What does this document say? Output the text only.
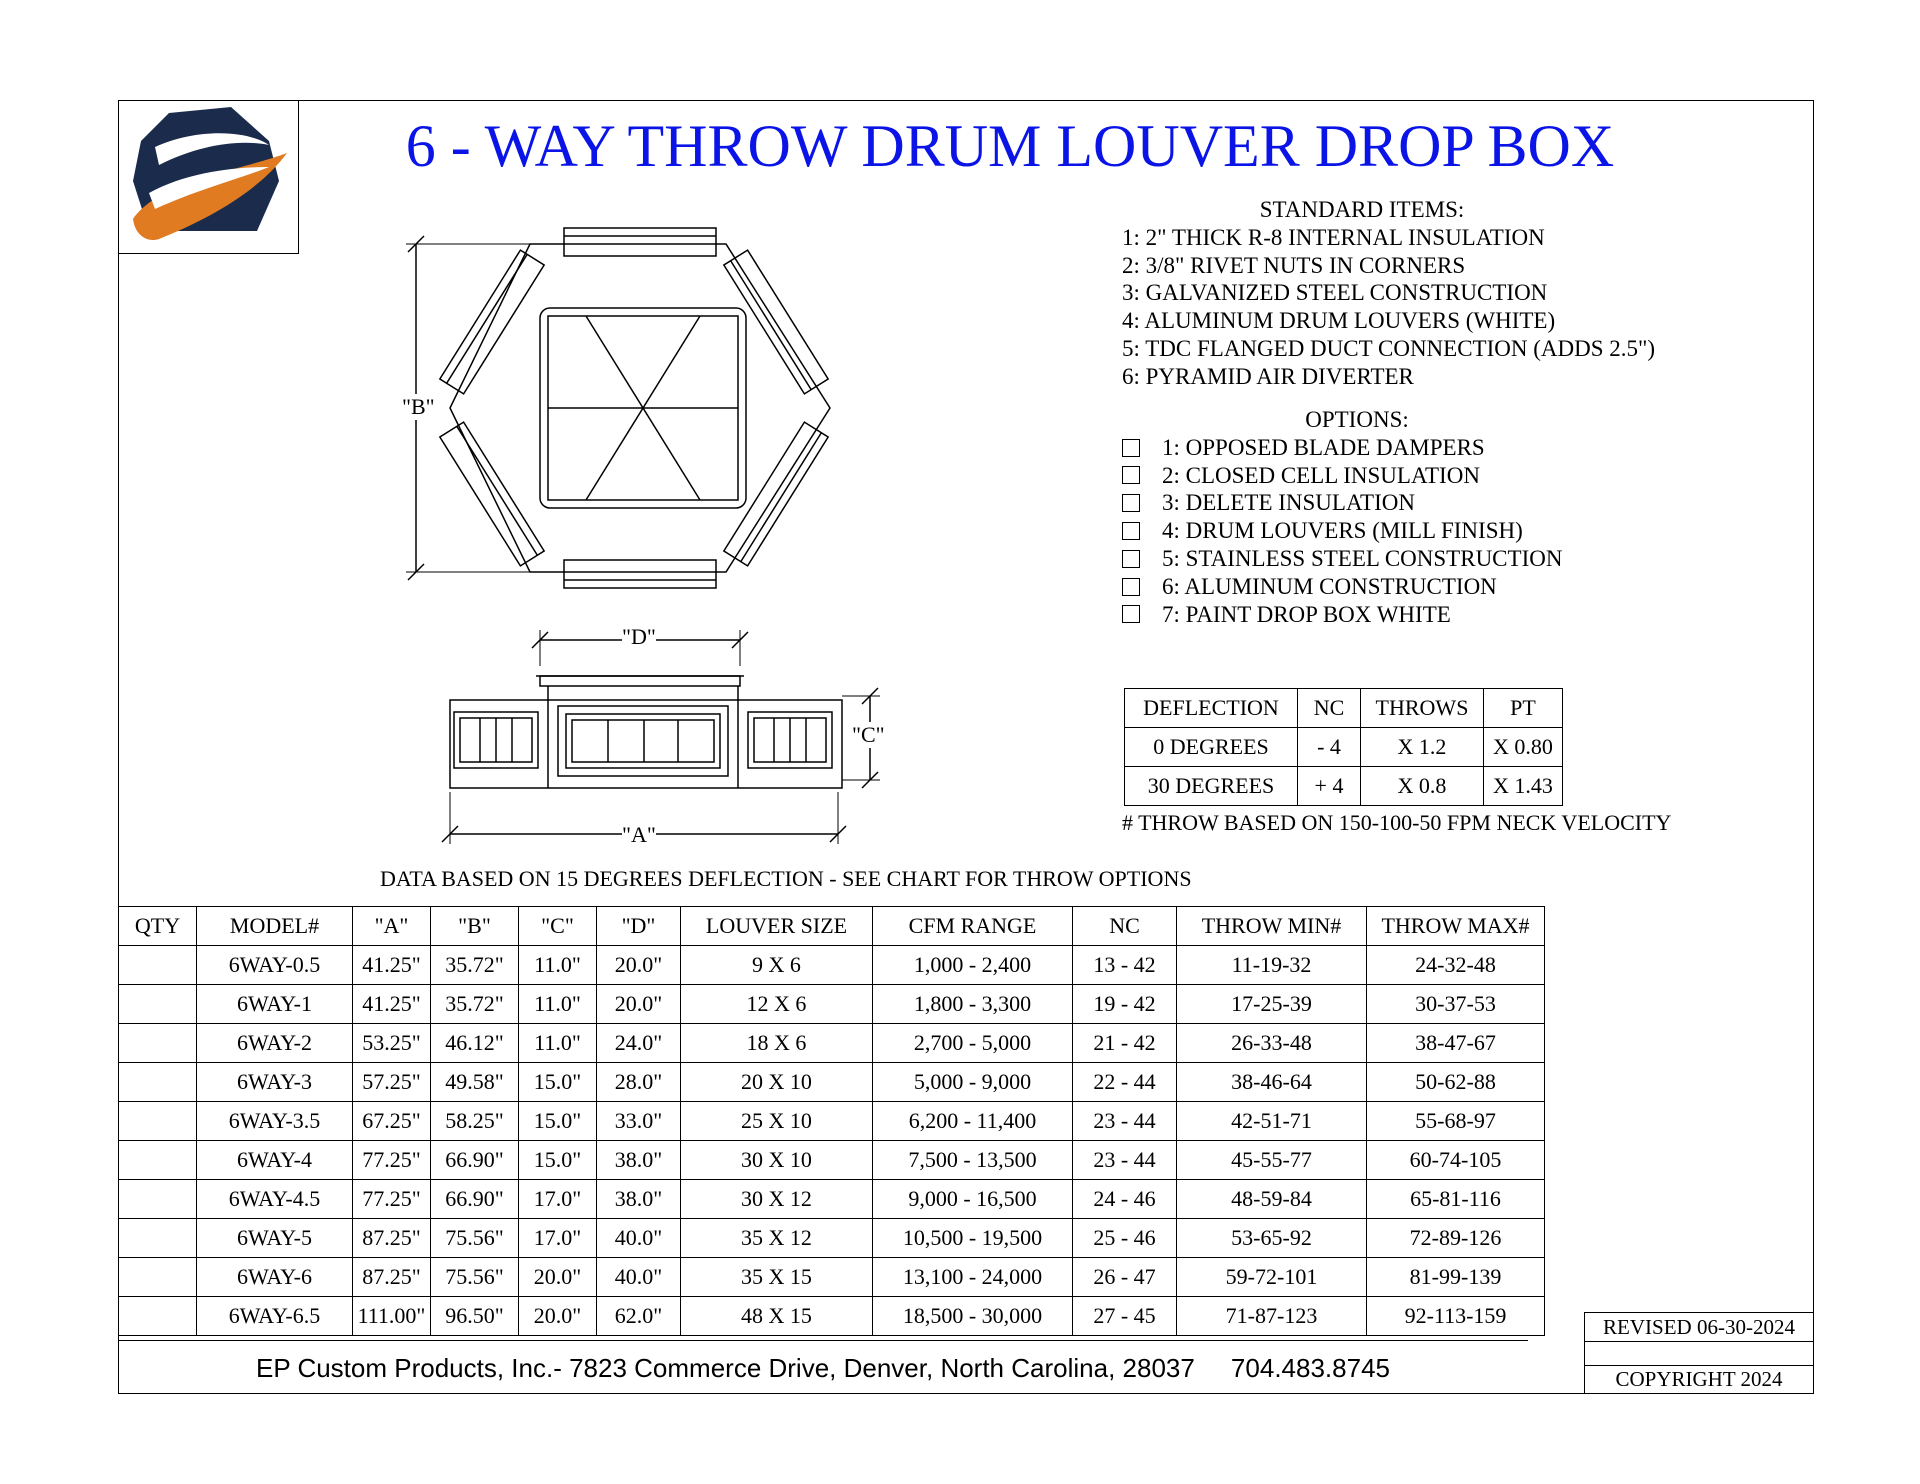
6 - WAY THROW DRUM LOUVER DROP BOX
"B"
"D"
"C"
"A"
STANDARD ITEMS:
1: 2" THICK R-8 INTERNAL INSULATION
2: 3/8" RIVET NUTS IN CORNERS
3: GALVANIZED STEEL CONSTRUCTION
4: ALUMINUM DRUM LOUVERS (WHITE)
5: TDC FLANGED DUCT CONNECTION (ADDS 2.5")
6: PYRAMID AIR DIVERTER
OPTIONS:
1: OPPOSED BLADE DAMPERS
2: CLOSED CELL INSULATION
3: DELETE INSULATION
4: DRUM LOUVERS (MILL FINISH)
5: STAINLESS STEEL CONSTRUCTION
6: ALUMINUM CONSTRUCTION
7: PAINT DROP BOX WHITE
DEFLECTION	NC	THROWS	PT
0 DEGREES	- 4	X 1.2	X 0.80
30 DEGREES	+ 4	X 0.8	X 1.43
# THROW BASED ON 150-100-50 FPM NECK VELOCITY
DATA BASED ON 15 DEGREES DEFLECTION - SEE CHART FOR THROW OPTIONS
QTY	MODEL#	"A"	"B"	"C"	"D"	LOUVER SIZE	CFM RANGE	NC	THROW MIN#	THROW MAX#
	6WAY-0.5	41.25"	35.72"	11.0"	20.0"	9 X 6	1,000 - 2,400	13 - 42	11-19-32	24-32-48
	6WAY-1	41.25"	35.72"	11.0"	20.0"	12 X 6	1,800 - 3,300	19 - 42	17-25-39	30-37-53
	6WAY-2	53.25"	46.12"	11.0"	24.0"	18 X 6	2,700 - 5,000	21 - 42	26-33-48	38-47-67
	6WAY-3	57.25"	49.58"	15.0"	28.0"	20 X 10	5,000 - 9,000	22 - 44	38-46-64	50-62-88
	6WAY-3.5	67.25"	58.25"	15.0"	33.0"	25 X 10	6,200 - 11,400	23 - 44	42-51-71	55-68-97
	6WAY-4	77.25"	66.90"	15.0"	38.0"	30 X 10	7,500 - 13,500	23 - 44	45-55-77	60-74-105
	6WAY-4.5	77.25"	66.90"	17.0"	38.0"	30 X 12	9,000 - 16,500	24 - 46	48-59-84	65-81-116
	6WAY-5	87.25"	75.56"	17.0"	40.0"	35 X 12	10,500 - 19,500	25 - 46	53-65-92	72-89-126
	6WAY-6	87.25"	75.56"	20.0"	40.0"	35 X 15	13,100 - 24,000	26 - 47	59-72-101	81-99-139
	6WAY-6.5	111.00"	96.50"	20.0"	62.0"	48 X 15	18,500 - 30,000	27 - 45	71-87-123	92-113-159
EP Custom Products, Inc.- 7823 Commerce Drive, Denver, North Carolina, 28037     704.483.8745
REVISED 06-30-2024
COPYRIGHT 2024
